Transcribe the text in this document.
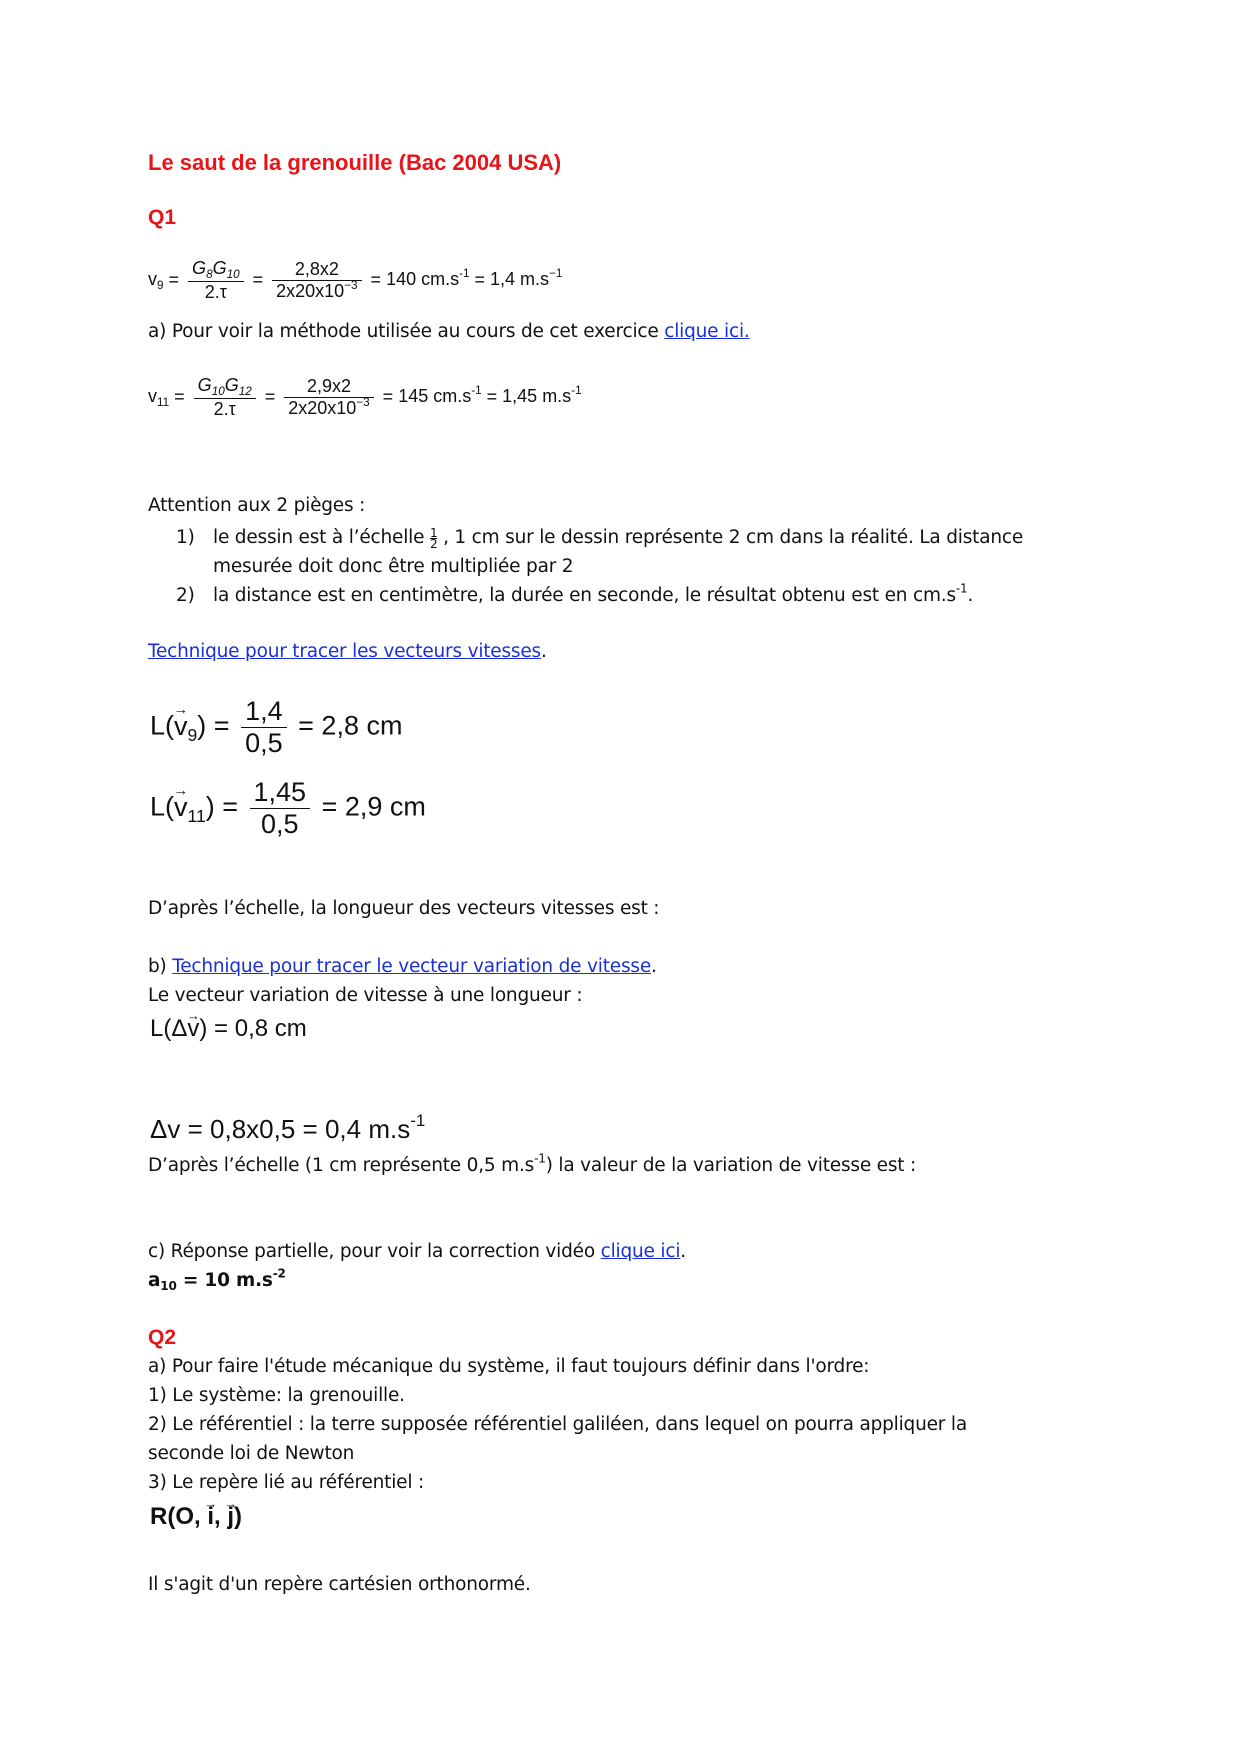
Le saut de la grenouille (Bac 2004 USA)
Q1
$v_9 = \frac{G_8G_{10}}{2.\tau} = \frac{2,8x2}{2x20x10^{-3}} = 140$ $cm.s^{-1} = 1,4$ $m.s^{-1}$
a) Pour voir la méthode utilisée au cours de cet exercice clique ici.
$v_{11} = \frac{G_{10}G_{12}}{2.\tau} = \frac{2,9x2}{2x20x10^{-3}} = 145$ $cm.s^{-1} = 1,45$ $m.s^{-1}$
Attention aux 2 pièges :
1) le dessin est à l’échelle $\frac{1}{2}$ , 1 cm sur le dessin représente 2 cm dans la réalité. La distance
mesurée doit donc être multipliée par 2
2) la distance est en centimètre, la durée en seconde, le résultat obtenu est en $cm.s^{-1}$.
Technique pour tracer les vecteurs vitesses.
$L(\to v_9) = \frac{1,4}{0,5} = 2,8$ cm
$L(\to v_{11}) = \frac{1,45}{0,5} = 2,9$ cm
D’après l’échelle, la longueur des vecteurs vitesses est :
b) Technique pour tracer le vecteur variation de vitesse.
Le vecteur variation de vitesse à une longueur :
L(Δ→ v) = 0,8 cm
Δv = 0,8x0,5 = 0,4 $m.s^{-1}$
D’après l’échelle (1 cm représente 0,5 $m.s^{-1}$) la valeur de la variation de vitesse est :
c) Réponse partielle, pour voir la correction vidéo clique ici.
$a_{10} = 10$ $m.s^{-2}$
Q2
a) Pour faire l'étude mécanique du système, il faut toujours définir dans l'ordre:
1) Le système: la grenouille.
2) Le référentiel : la terre supposée référentiel galiléen, dans lequel on pourra appliquer la
seconde loi de Newton
3) Le repère lié au référentiel :
R(O, → i, → j)
Il s'agit d'un repère cartésien orthonormé.
